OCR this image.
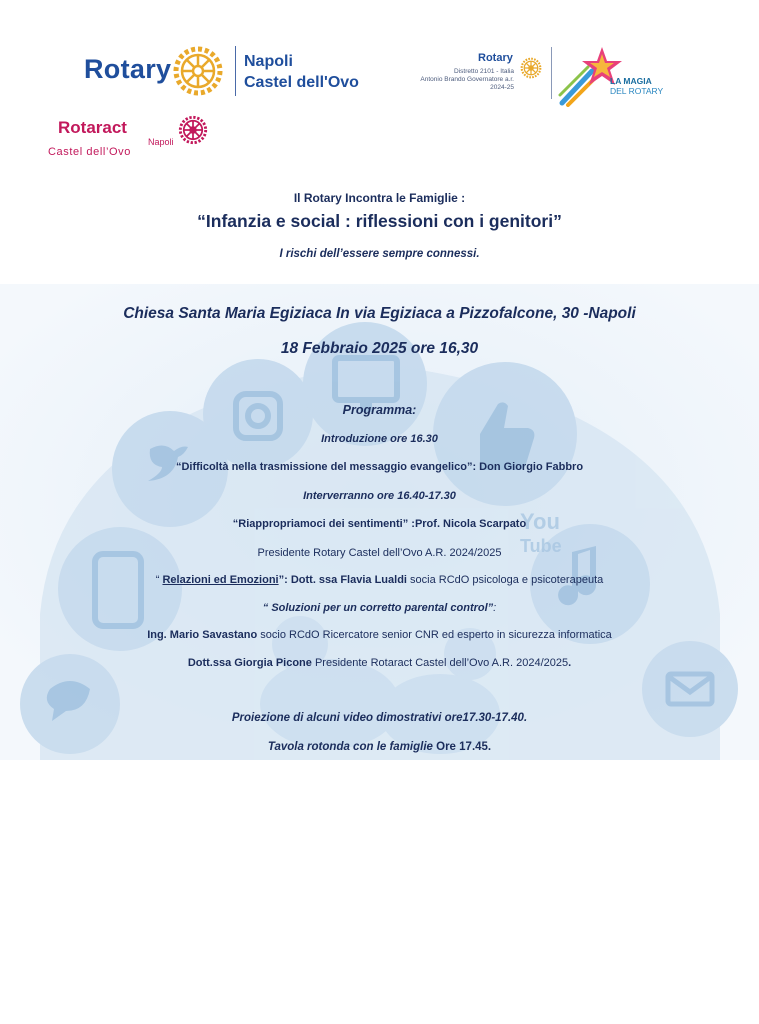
Rotary	Napoli
Castel dell'Ovo
Rotary
Distretto 2101 - Italia
Antonio Brando Governatore a.r.
2024-25
LA MAGIA
DEL ROTARY
Rotaract
Napoli
Castel dell’Ovo
You
Tube
Il Rotary Incontra le Famiglie :
“Infanzia e social : riflessioni con i genitori”
I rischi dell’essere sempre connessi.
Chiesa Santa Maria Egiziaca In via Egiziaca a Pizzofalcone, 30 -Napoli
18 Febbraio 2025 ore 16,30
Programma:
Introduzione ore 16.30
“Difficoltà nella trasmissione del messaggio evangelico”: Don Giorgio Fabbro
Interverranno ore 16.40-17.30
“Riappropriamoci dei sentimenti” :Prof. Nicola Scarpato
Presidente Rotary Castel dell’Ovo A.R. 2024/2025
“ Relazioni ed Emozioni”: Dott. ssa Flavia Lualdi socia RCdO psicologa e psicoterapeuta
“ Soluzioni per un corretto parental control”:
Ing. Mario Savastano socio RCdO Ricercatore senior CNR ed esperto in sicurezza informatica
Dott.ssa Giorgia Picone Presidente Rotaract Castel dell’Ovo A.R. 2024/2025.
Proiezione di alcuni video dimostrativi ore17.30-17.40.
Tavola rotonda con le famiglie Ore 17.45.
